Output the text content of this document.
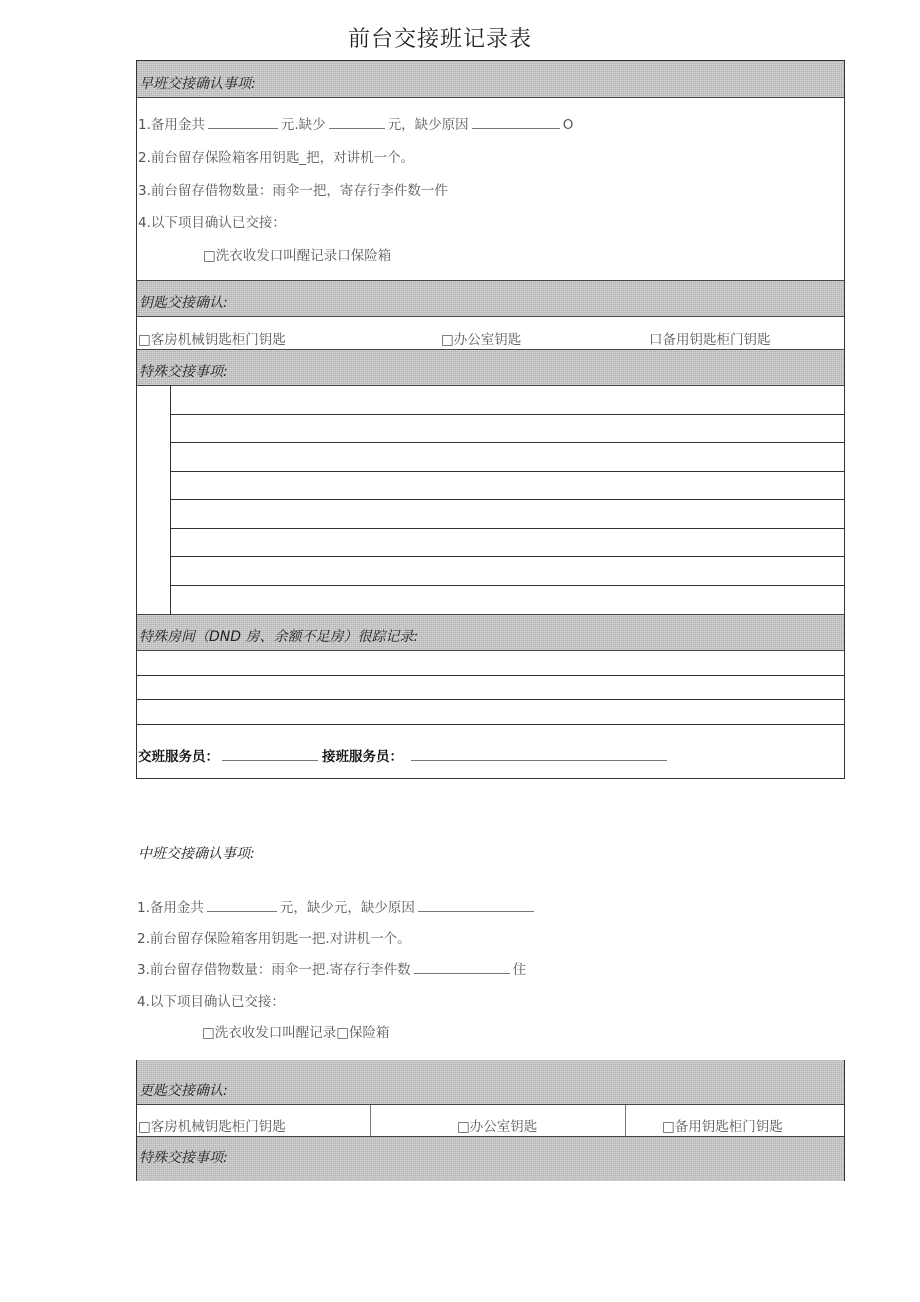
前台交接班记录表
早班交接确认事项:
1.备用金共	元.缺少	元，缺少原因	O
2.前台留存保险箱客用钥匙_把，对讲机一个。
3.前台留存借物数量：雨伞一把，寄存行李件数一件
4.以下项目确认已交接：
□洗衣收发口叫醒记录口保险箱
钥匙交接确认:
□客房机械钥匙柜门钥匙	□办公室钥匙	口备用钥匙柜门钥匙
特殊交接事项:
特殊房间（DND 房、余额不足房）很踪记录:
交班服务员：	接班服务员：
中班交接确认事项:
1.备用金共	元，缺少元，缺少原因
2.前台留存保险箱客用钥匙一把.对讲机一个。
3.前台留存借物数量：雨伞一把.寄存行李件数	住
4.以下项目确认已交接：
□洗衣收发口叫醒记录□保险箱
更匙交接确认:
□客房机械钥匙柜门钥匙	□办公室钥匙	□备用钥匙柜门钥匙
特殊交接事项:
